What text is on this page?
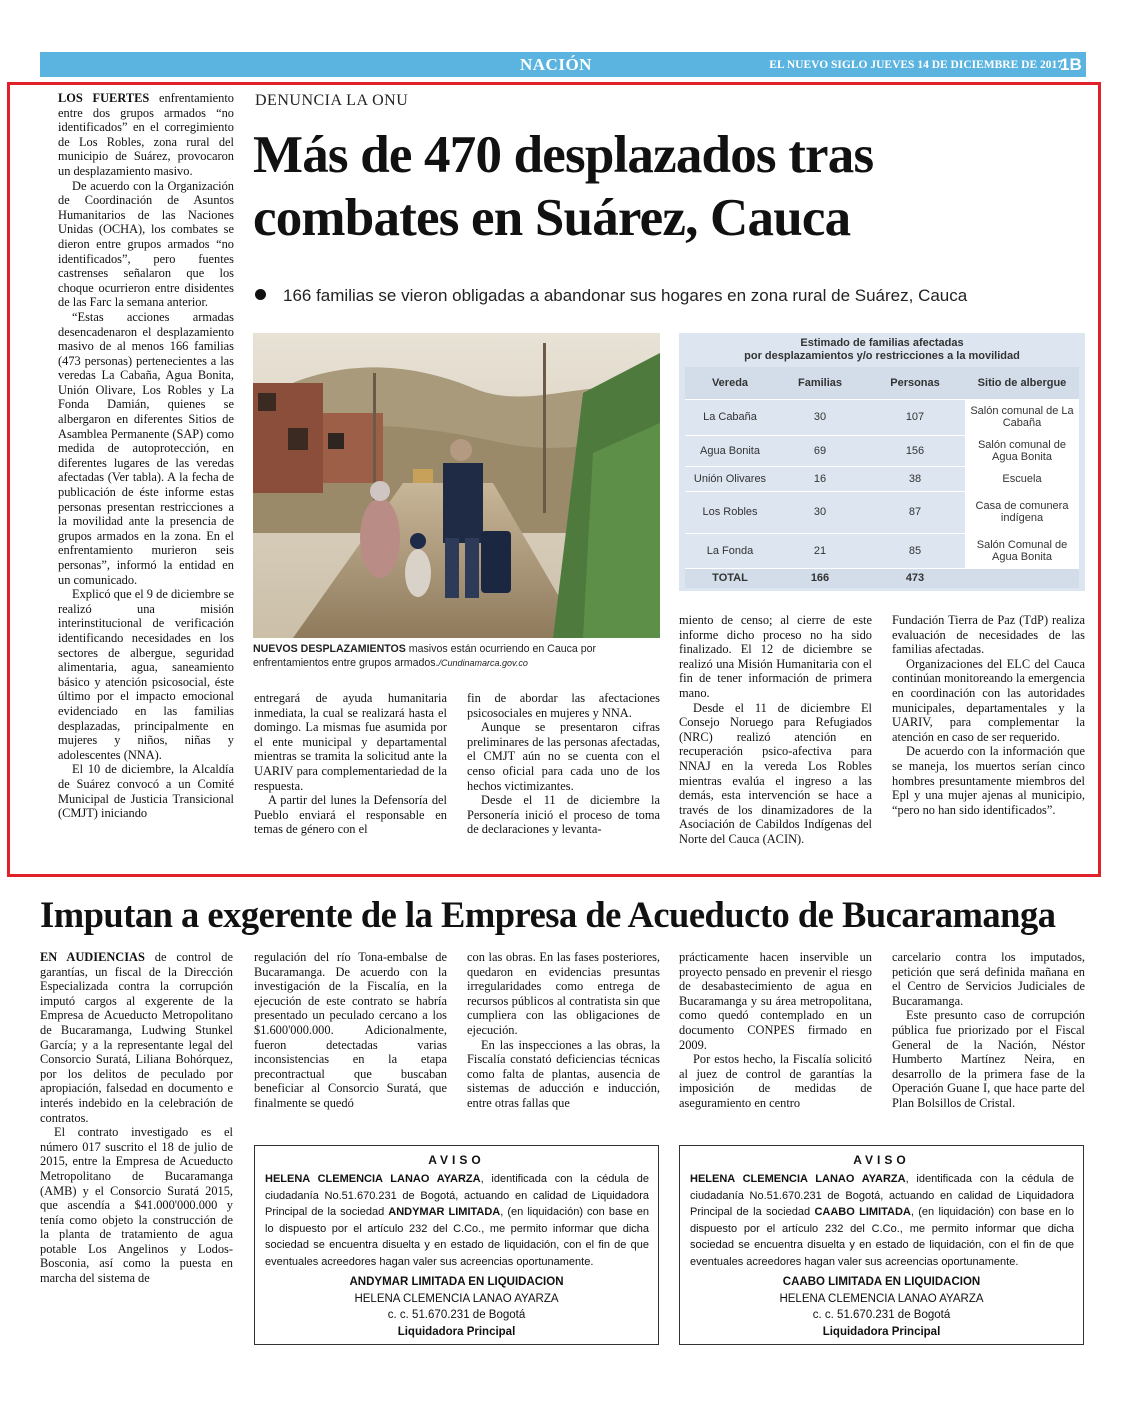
NACIÓN	EL NUEVO SIGLO JUEVES 14 DE DICIEMBRE DE 2017
1B

LOS FUERTES enfrentamiento entre dos grupos armados “no identificados” en el corregimiento de Los Robles, zona rural del municipio de Suárez, provocaron un desplazamiento masivo.

De acuerdo con la Organización de Coordinación de Asuntos Humanitarios de las Naciones Unidas (OCHA), los combates se dieron entre grupos armados “no identificados”, pero fuentes castrenses señalaron que los choque ocurrieron entre disidentes de las Farc la semana anterior.

“Estas acciones armadas desencadenaron el desplazamiento masivo de al menos 166 familias (473 personas) pertenecientes a las veredas La Cabaña, Agua Bonita, Unión Olivare, Los Robles y La Fonda Damián, quienes se albergaron en diferentes Sitios de Asamblea Permanente (SAP) como medida de autoprotección, en diferentes lugares de las veredas afectadas (Ver tabla). A la fecha de publicación de éste informe estas personas presentan restricciones a la movilidad ante la presencia de grupos armados en la zona. En el enfrentamiento murieron seis personas”, informó la entidad en un comunicado.

Explicó que el 9 de diciembre se realizó una misión interinstitucional de verificación identificando necesidades en los sectores de albergue, seguridad alimentaria, agua, saneamiento básico y atención psicosocial, éste último por el impacto emocional evidenciado en las familias desplazadas, principalmente en mujeres y niños, niñas y adolescentes (NNA).

El 10 de diciembre, la Alcaldía de Suárez convocó a un Comité Municipal de Justicia Transicional (CMJT) iniciando

DENUNCIA LA ONU
Más de 470 desplazados tras combates en Suárez, Cauca
166 familias se vieron obligadas a abandonar sus hogares en zona rural de Suárez, Cauca
NUEVOS DESPLAZAMIENTOS masivos están ocurriendo en Cauca por enfrentamientos entre grupos armados./Cundinamarca.gov.co
Estimado de familias afectadas
por desplazamientos y/o restricciones a la movilidad
Vereda	Familias	Personas	Sitio de albergue
La Cabaña	30	107	Salón comunal de La Cabaña
Agua Bonita	69	156	Salón comunal de Agua Bonita
Unión Olivares	16	38	Escuela
Los Robles	30	87	Casa de comunera indígena
La Fonda	21	85	Salón Comunal de Agua Bonita
TOTAL	166	473	

entregará de ayuda humanitaria inmediata, la cual se realizará hasta el domingo. La mismas fue asumida por el ente municipal y departamental mientras se tramita la solicitud ante la UARIV para complementariedad de la respuesta.

A partir del lunes la Defensoría del Pueblo enviará el responsable en temas de género con el

fin de abordar las afectaciones psicosociales en mujeres y NNA.

Aunque se presentaron cifras preliminares de las personas afectadas, el CMJT aún no se cuenta con el censo oficial para cada uno de los hechos victimizantes.

Desde el 11 de diciembre la Personería inició el proceso de toma de declaraciones y levanta-

miento de censo; al cierre de este informe dicho proceso no ha sido finalizado. El 12 de diciembre se realizó una Misión Humanitaria con el fin de tener información de primera mano.

Desde el 11 de diciembre El Consejo Noruego para Refugiados (NRC) realizó atención en recuperación psico-afectiva para NNAJ en la vereda Los Robles mientras evalúa el ingreso a las demás, esta intervención se hace a través de los dinamizadores de la Asociación de Cabildos Indígenas del Norte del Cauca (ACIN).

Fundación Tierra de Paz (TdP) realiza evaluación de necesidades de las familias afectadas.

Organizaciones del ELC del Cauca continúan monitoreando la emergencia en coordinación con las autoridades municipales, departamentales y la UARIV, para complementar la atención en caso de ser requerido.

De acuerdo con la información que se maneja, los muertos serían cinco hombres presuntamente miembros del Epl y una mujer ajenas al municipio, “pero no han sido identificados”.

Imputan a exgerente de la Empresa de Acueducto de Bucaramanga

EN AUDIENCIAS de control de garantías, un fiscal de la Dirección Especializada contra la corrupción imputó cargos al exgerente de la Empresa de Acueducto Metropolitano de Bucaramanga, Ludwing Stunkel García; y a la representante legal del Consorcio Suratá, Liliana Bohórquez, por los delitos de peculado por apropiación, falsedad en documento e interés indebido en la celebración de contratos.

El contrato investigado es el número 017 suscrito el 18 de julio de 2015, entre la Empresa de Acueducto Metropolitano de Bucaramanga (AMB) y el Consorcio Suratá 2015, que ascendía a $41.000'000.000 y tenía como objeto la construcción de la planta de tratamiento de agua potable Los Angelinos y Lodos-Bosconia, así como la puesta en marcha del sistema de

regulación del río Tona-embalse de Bucaramanga. De acuerdo con la investigación de la Fiscalía, en la ejecución de este contrato se habría presentado un peculado cercano a los $1.600'000.000. Adicionalmente, fueron detectadas varias inconsistencias en la etapa precontractual que buscaban beneficiar al Consorcio Suratá, que finalmente se quedó

con las obras. En las fases posteriores, quedaron en evidencias presuntas irregularidades como entrega de recursos públicos al contratista sin que cumpliera con las obligaciones de ejecución.

En las inspecciones a las obras, la Fiscalía constató deficiencias técnicas como falta de plantas, ausencia de sistemas de aducción e inducción, entre otras fallas que

prácticamente hacen inservible un proyecto pensado en prevenir el riesgo de desabastecimiento de agua en Bucaramanga y su área metropolitana, como quedó contemplado en un documento CONPES firmado en 2009.

Por estos hecho, la Fiscalía solicitó al juez de control de garantías la imposición de medidas de aseguramiento en centro

carcelario contra los imputados, petición que será definida mañana en el Centro de Servicios Judiciales de Bucaramanga.

Este presunto caso de corrupción pública fue priorizado por el Fiscal General de la Nación, Néstor Humberto Martínez Neira, en desarrollo de la primera fase de la Operación Guane I, que hace parte del Plan Bolsillos de Cristal.

AVISO
HELENA CLEMENCIA LANAO AYARZA, identificada con la cédula de ciudadanía No.51.670.231 de Bogotá, actuando en calidad de Liquidadora Principal de la sociedad ANDYMAR LIMITADA, (en liquidación) con base en lo dispuesto por el artículo 232 del C.Co., me permito informar que dicha sociedad se encuentra disuelta y en estado de liquidación, con el fin de que eventuales acreedores hagan valer sus acreencias oportunamente.
ANDYMAR LIMITADA EN LIQUIDACION
HELENA CLEMENCIA LANAO AYARZA
c. c. 51.670.231 de Bogotá
Liquidadora Principal
AVISO
HELENA CLEMENCIA LANAO AYARZA, identificada con la cédula de ciudadanía No.51.670.231 de Bogotá, actuando en calidad de Liquidadora Principal de la sociedad CAABO LIMITADA, (en liquidación) con base en lo dispuesto por el artículo 232 del C.Co., me permito informar que dicha sociedad se encuentra disuelta y en estado de liquidación, con el fin de que eventuales acreedores hagan valer sus acreencias oportunamente.
CAABO LIMITADA EN LIQUIDACION
HELENA CLEMENCIA LANAO AYARZA
c. c. 51.670.231 de Bogotá
Liquidadora Principal
